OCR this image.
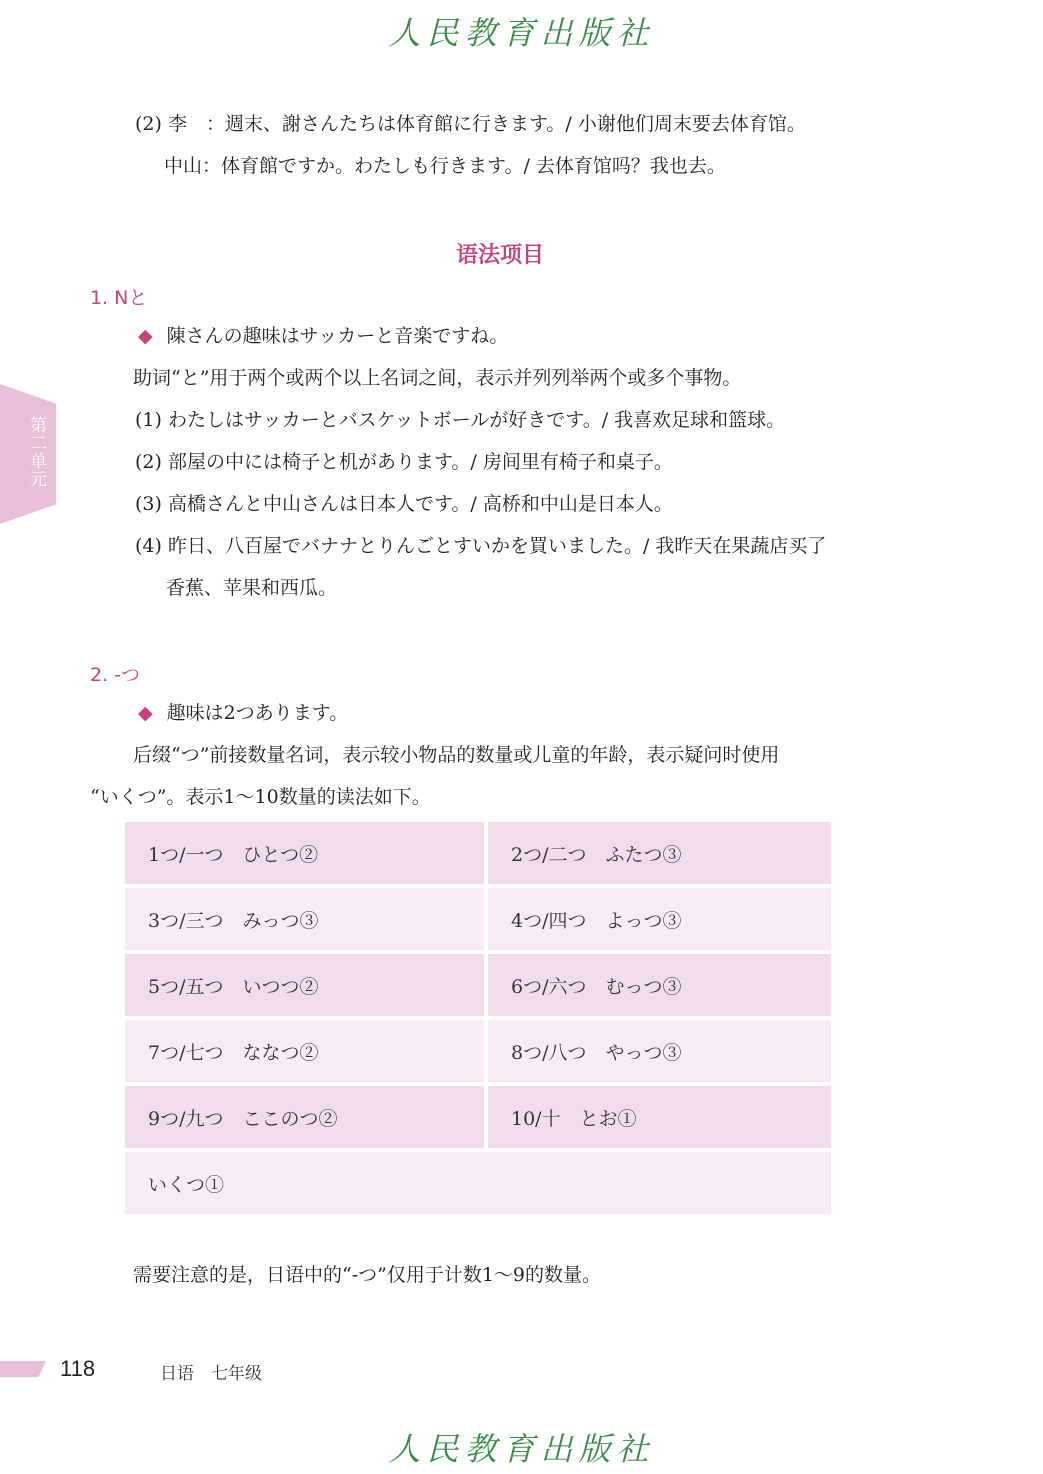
人民教育出版社
(2) 李　：週末、謝さんたちは体育館に行きます。/ 小谢他们周末要去体育馆。
中山：体育館ですか。わたしも行きます。/ 去体育馆吗？我也去。
语法项目
第二单元
1. Nと
◆ 陳さんの趣味はサッカーと音楽ですね。
助词“と”用于两个或两个以上名词之间，表示并列列举两个或多个事物。
(1) わたしはサッカーとバスケットボールが好きです。/ 我喜欢足球和篮球。
(2) 部屋の中には椅子と机があります。/ 房间里有椅子和桌子。
(3) 高橋さんと中山さんは日本人です。/ 高桥和中山是日本人。
(4) 昨日、八百屋でバナナとりんごとすいかを買いました。/ 我昨天在果蔬店买了
香蕉、苹果和西瓜。
2. -つ
◆ 趣味は2つあります。
后缀“つ”前接数量名词，表示较小物品的数量或儿童的年龄，表示疑问时使用
“いくつ”。表示1～10数量的读法如下。
1つ/一つ　ひとつ②	2つ/二つ　ふたつ③
3つ/三つ　みっつ③	4つ/四つ　よっつ③
5つ/五つ　いつつ②	6つ/六つ　むっつ③
7つ/七つ　ななつ②	8つ/八つ　やっつ③
9つ/九つ　ここのつ②	10/十　とお①
いくつ①	
需要注意的是，日语中的“-つ”仅用于计数1～9的数量。
118	日语　七年级
人民教育出版社
